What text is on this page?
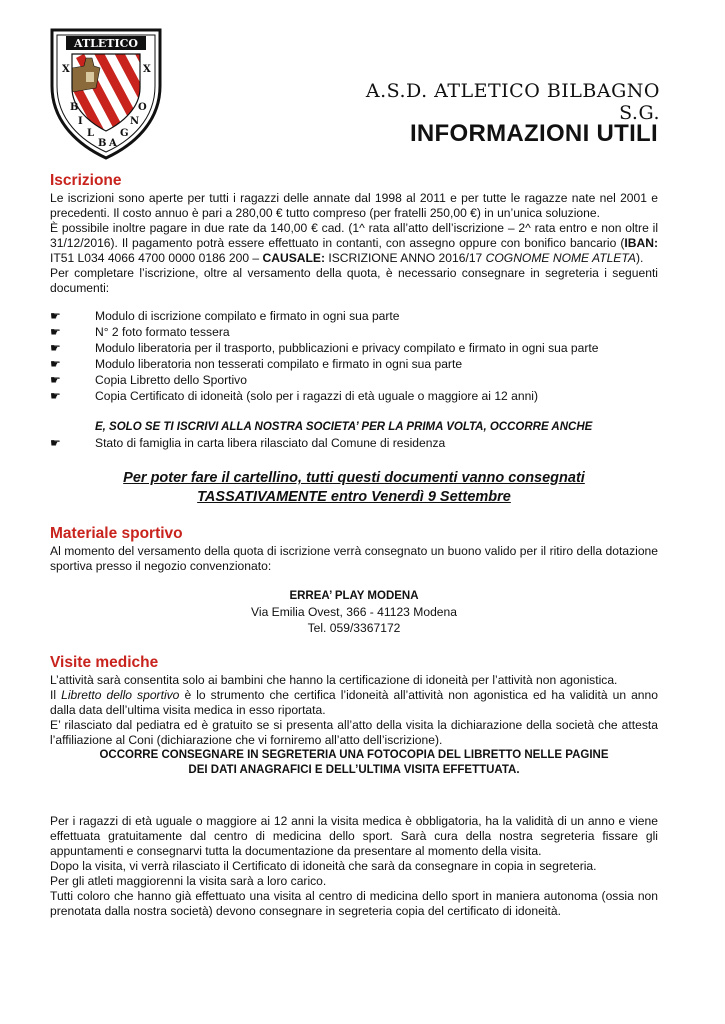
ATLETICO
X	X
B
I
L
B
O
N
G
A
A.S.D. ATLETICO BILBAGNO S.G.
INFORMAZIONI UTILI
Iscrizione

Le iscrizioni sono aperte per tutti i ragazzi delle annate dal 1998 al 2011 e per tutte le ragazze nate nel 2001 e precedenti. Il costo annuo è pari a 280,00 € tutto compreso (per fratelli 250,00 €) in un’unica soluzione.

È possibile inoltre pagare in due rate da 140,00 € cad. (1^ rata all’atto dell’iscrizione – 2^ rata entro e non oltre il 31/12/2016). Il pagamento potrà essere effettuato in contanti, con assegno oppure con bonifico bancario (IBAN: IT51 L034 4066 4700 0000 0186 200 – CAUSALE: ISCRIZIONE ANNO 2016/17 COGNOME NOME ATLETA).

Per completare l’iscrizione, oltre al versamento della quota, è necessario consegnare in segreteria i seguenti documenti:

☛	Modulo di iscrizione compilato e firmato in ogni sua parte
☛	N° 2 foto formato tessera
☛	Modulo liberatoria per il trasporto, pubblicazioni e privacy compilato e firmato in ogni sua parte
☛	Modulo liberatoria non tesserati compilato e firmato in ogni sua parte
☛	Copia Libretto dello Sportivo
☛	Copia Certificato di idoneità (solo per i ragazzi di età uguale o maggiore ai 12 anni)
E, SOLO SE TI ISCRIVI ALLA NOSTRA SOCIETA’ PER LA PRIMA VOLTA, OCCORRE ANCHE
☛	Stato di famiglia in carta libera rilasciato dal Comune di residenza
Per poter fare il cartellino, tutti questi documenti vanno consegnati
TASSATIVAMENTE entro Venerdì 9 Settembre
Materiale sportivo

Al momento del versamento della quota di iscrizione verrà consegnato un buono valido per il ritiro della dotazione sportiva presso il negozio convenzionato:

ERREA’ PLAY MODENA
Via Emilia Ovest, 366 - 41123 Modena
Tel. 059/3367172
Visite mediche

L’attività sarà consentita solo ai bambini che hanno la certificazione di idoneità per l’attività non agonistica.

Il Libretto dello sportivo è lo strumento che certifica l’idoneità all’attività non agonistica ed ha validità un anno dalla data dell’ultima visita medica in esso riportata.

E’ rilasciato dal pediatra ed è gratuito se si presenta all’atto della visita la dichiarazione della società che attesta l’affiliazione al Coni (dichiarazione che vi forniremo all’atto dell’iscrizione).

OCCORRE CONSEGNARE IN SEGRETERIA UNA FOTOCOPIA DEL LIBRETTO NELLE PAGINE
DEI DATI ANAGRAFICI E DELL’ULTIMA VISITA EFFETTUATA.

Per i ragazzi di età uguale o maggiore ai 12 anni la visita medica è obbligatoria, ha la validità di un anno e viene effettuata gratuitamente dal centro di medicina dello sport. Sarà cura della nostra segreteria fissare gli appuntamenti e consegnarvi tutta la documentazione da presentare al momento della visita.

Dopo la visita, vi verrà rilasciato il Certificato di idoneità che sarà da consegnare in copia in segreteria.

Per gli atleti maggiorenni la visita sarà a loro carico.

Tutti coloro che hanno già effettuato una visita al centro di medicina dello sport in maniera autonoma (ossia non prenotata dalla nostra società) devono consegnare in segreteria copia del certificato di idoneità.
